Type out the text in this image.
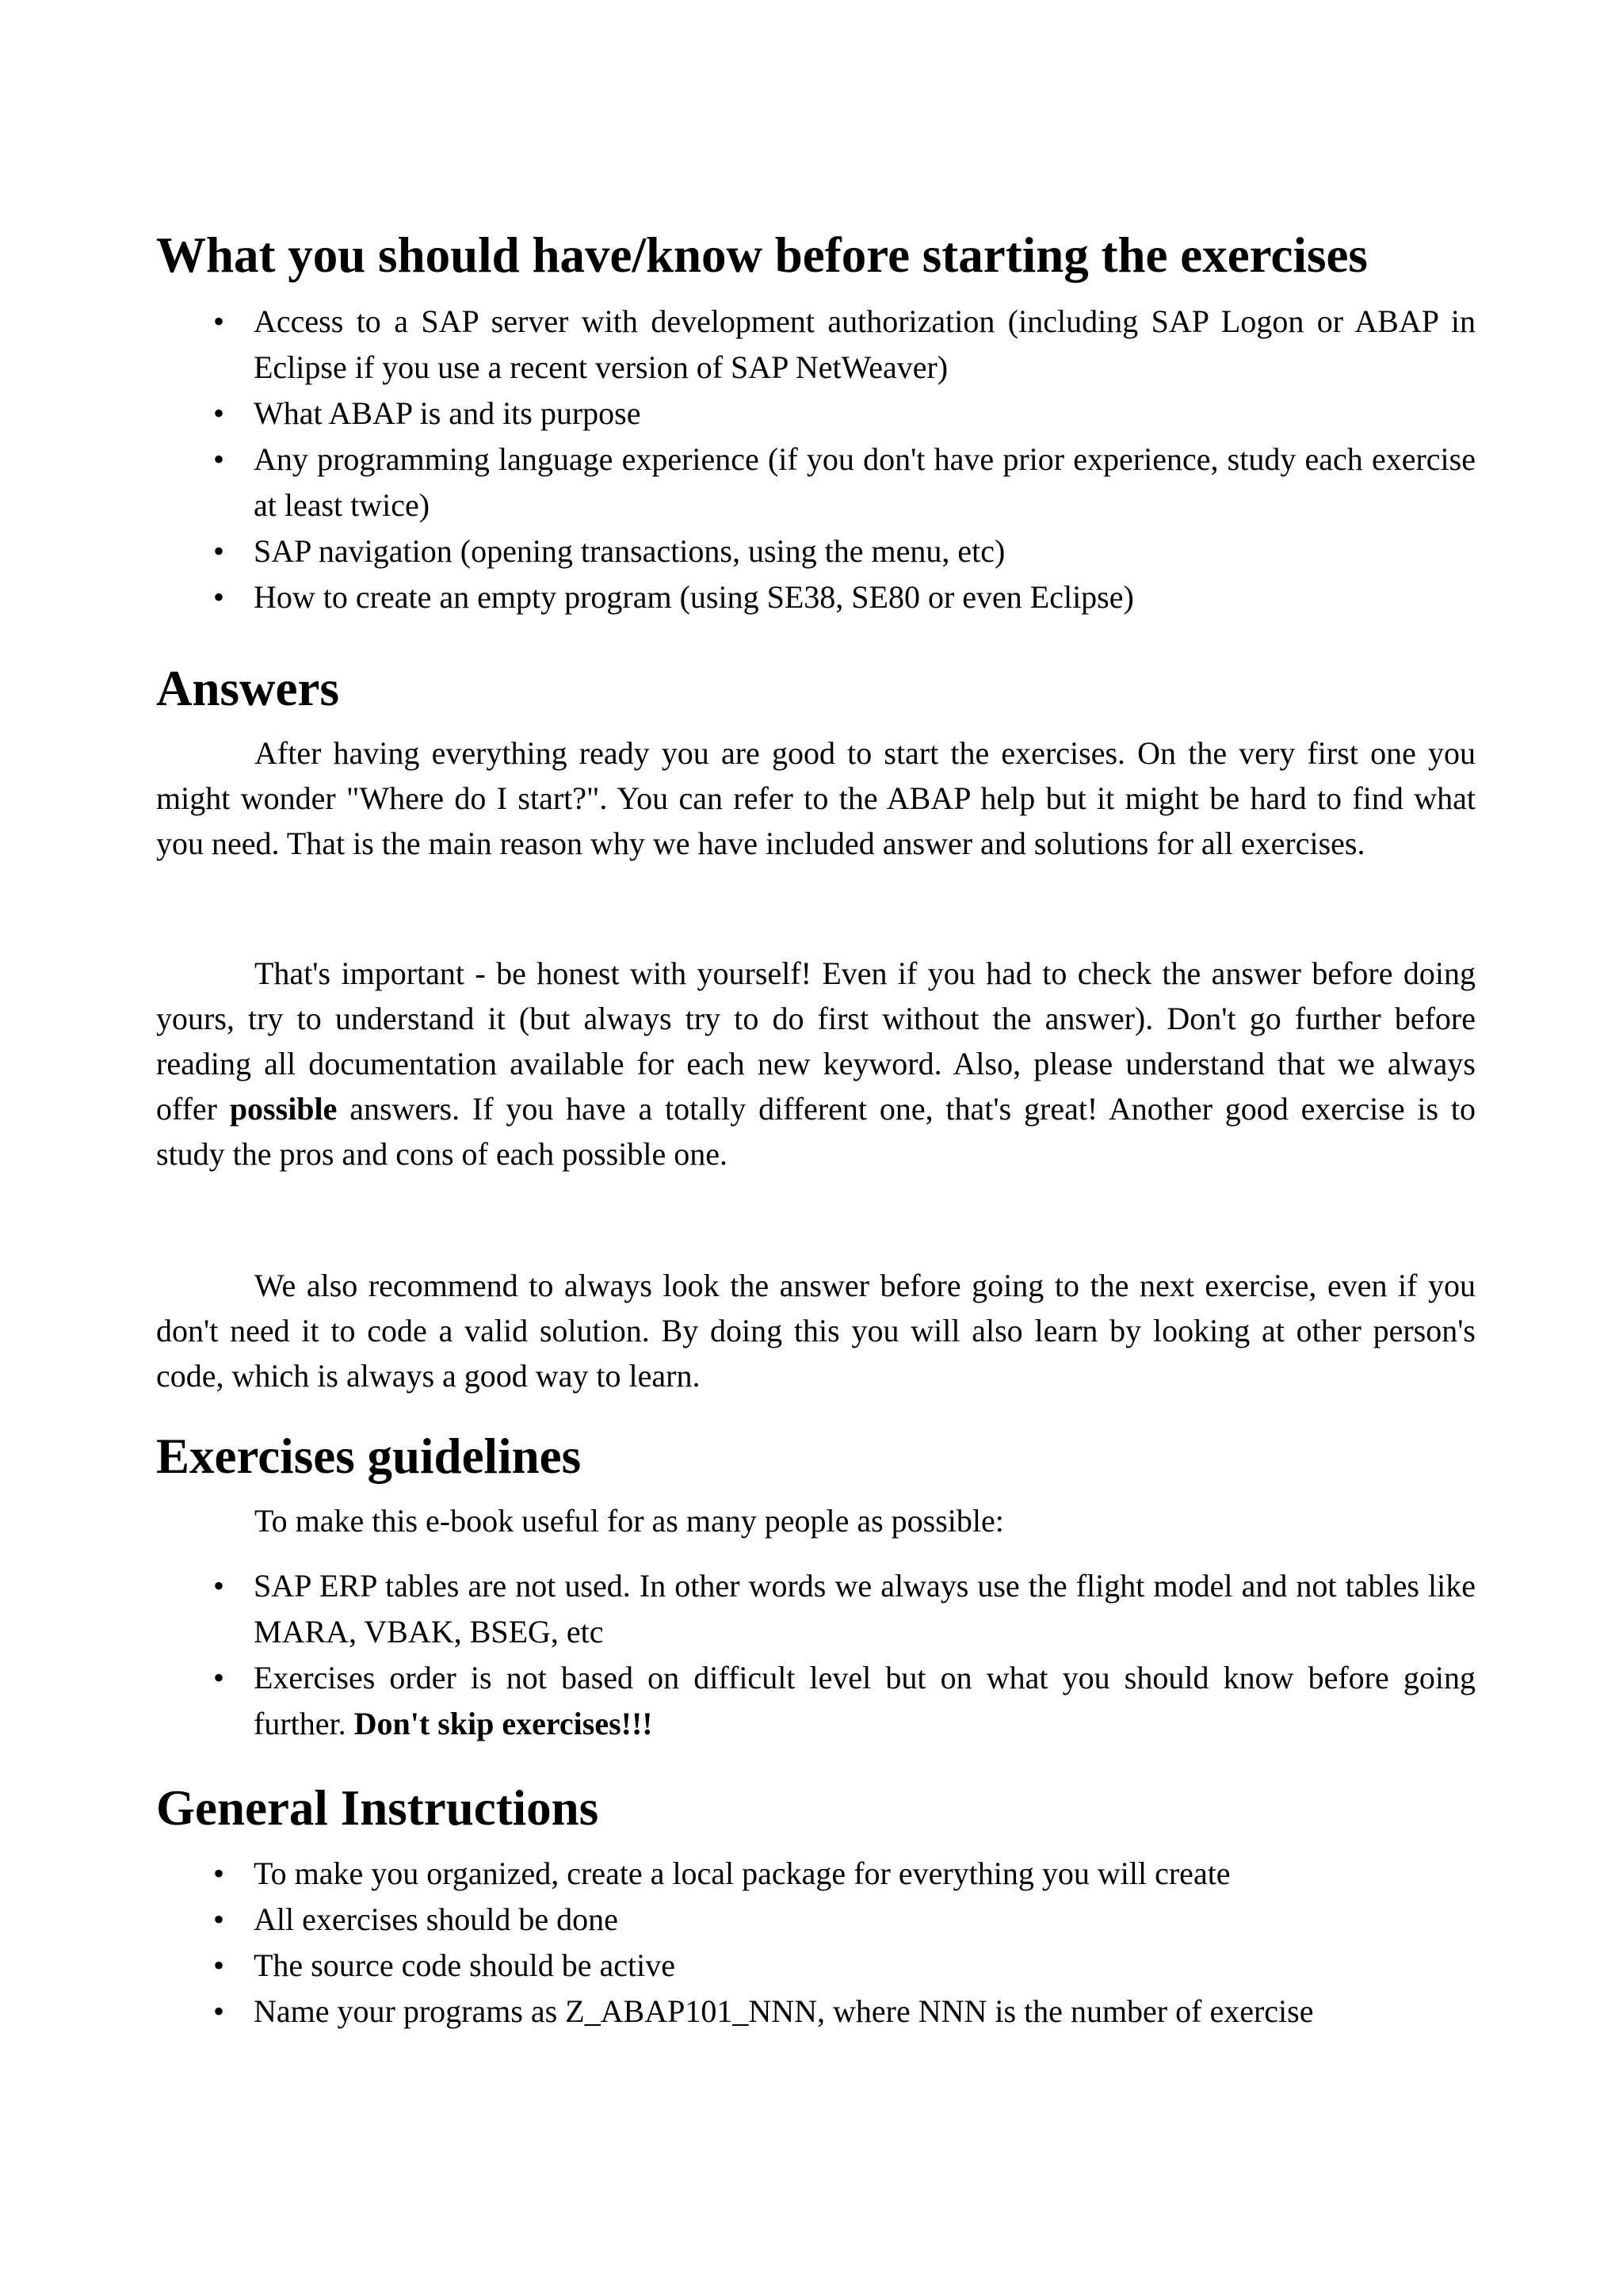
What you should have/know before starting the exercises
• Access to a SAP server with development authorization (including SAP Logon or ABAP in Eclipse if you use a recent version of SAP NetWeaver)
• What ABAP is and its purpose
• Any programming language experience (if you don't have prior experience, study each exercise at least twice)
• SAP navigation (opening transactions, using the menu, etc)
• How to create an empty program (using SE38, SE80 or even Eclipse)
Answers

After having everything ready you are good to start the exercises. On the very first one you might wonder "Where do I start?". You can refer to the ABAP help but it might be hard to find what you need. That is the main reason why we have included answer and solutions for all exercises.

That's important - be honest with yourself! Even if you had to check the answer before doing yours, try to understand it (but always try to do first without the answer). Don't go further before reading all documentation available for each new keyword. Also, please understand that we always offer possible answers. If you have a totally different one, that's great! Another good exercise is to study the pros and cons of each possible one.

We also recommend to always look the answer before going to the next exercise, even if you don't need it to code a valid solution. By doing this you will also learn by looking at other person's code, which is always a good way to learn.

Exercises guidelines

To make this e-book useful for as many people as possible:

• SAP ERP tables are not used. In other words we always use the flight model and not tables like MARA, VBAK, BSEG, etc
• Exercises order is not based on difficult level but on what you should know before going further. Don't skip exercises!!!
General Instructions
• To make you organized, create a local package for everything you will create
• All exercises should be done
• The source code should be active
• Name your programs as Z_ABAP101_NNN, where NNN is the number of exercise
